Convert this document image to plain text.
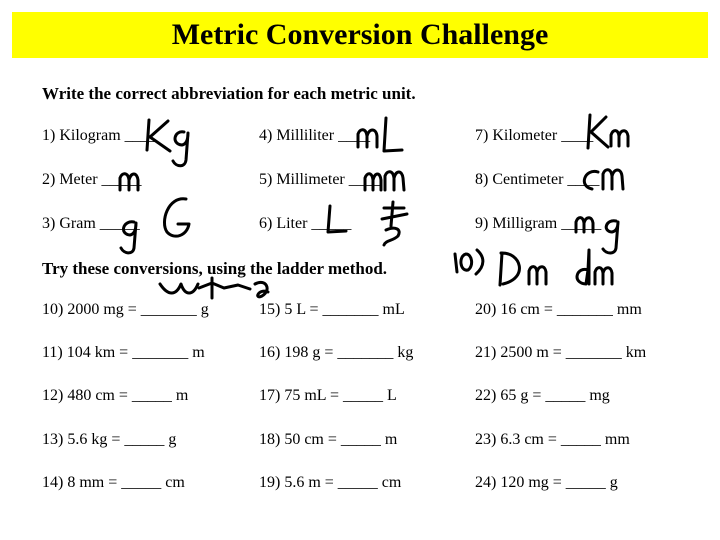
Metric Conversion Challenge
Write the correct abbreviation for each metric unit.
1) Kilogram ____	4) Milliliter ____	7) Kilometer ____
2) Meter _____	5) Millimeter ____	8) Centimeter ____
3) Gram _____	6) Liter _____	9) Milligram _____
Try these conversions, using the ladder method.
10) 2000 mg = _______ g	15) 5 L = _______ mL	20) 16 cm = _______ mm
11) 104 km = _______ m	16) 198 g = _______ kg	21) 2500 m = _______ km
12) 480 cm = _____ m	17) 75 mL = _____ L	22) 65 g = _____ mg
13) 5.6 kg = _____ g	18) 50 cm = _____ m	23) 6.3 cm = _____ mm
14) 8 mm = _____ cm	19) 5.6 m = _____ cm	24) 120 mg = _____ g
